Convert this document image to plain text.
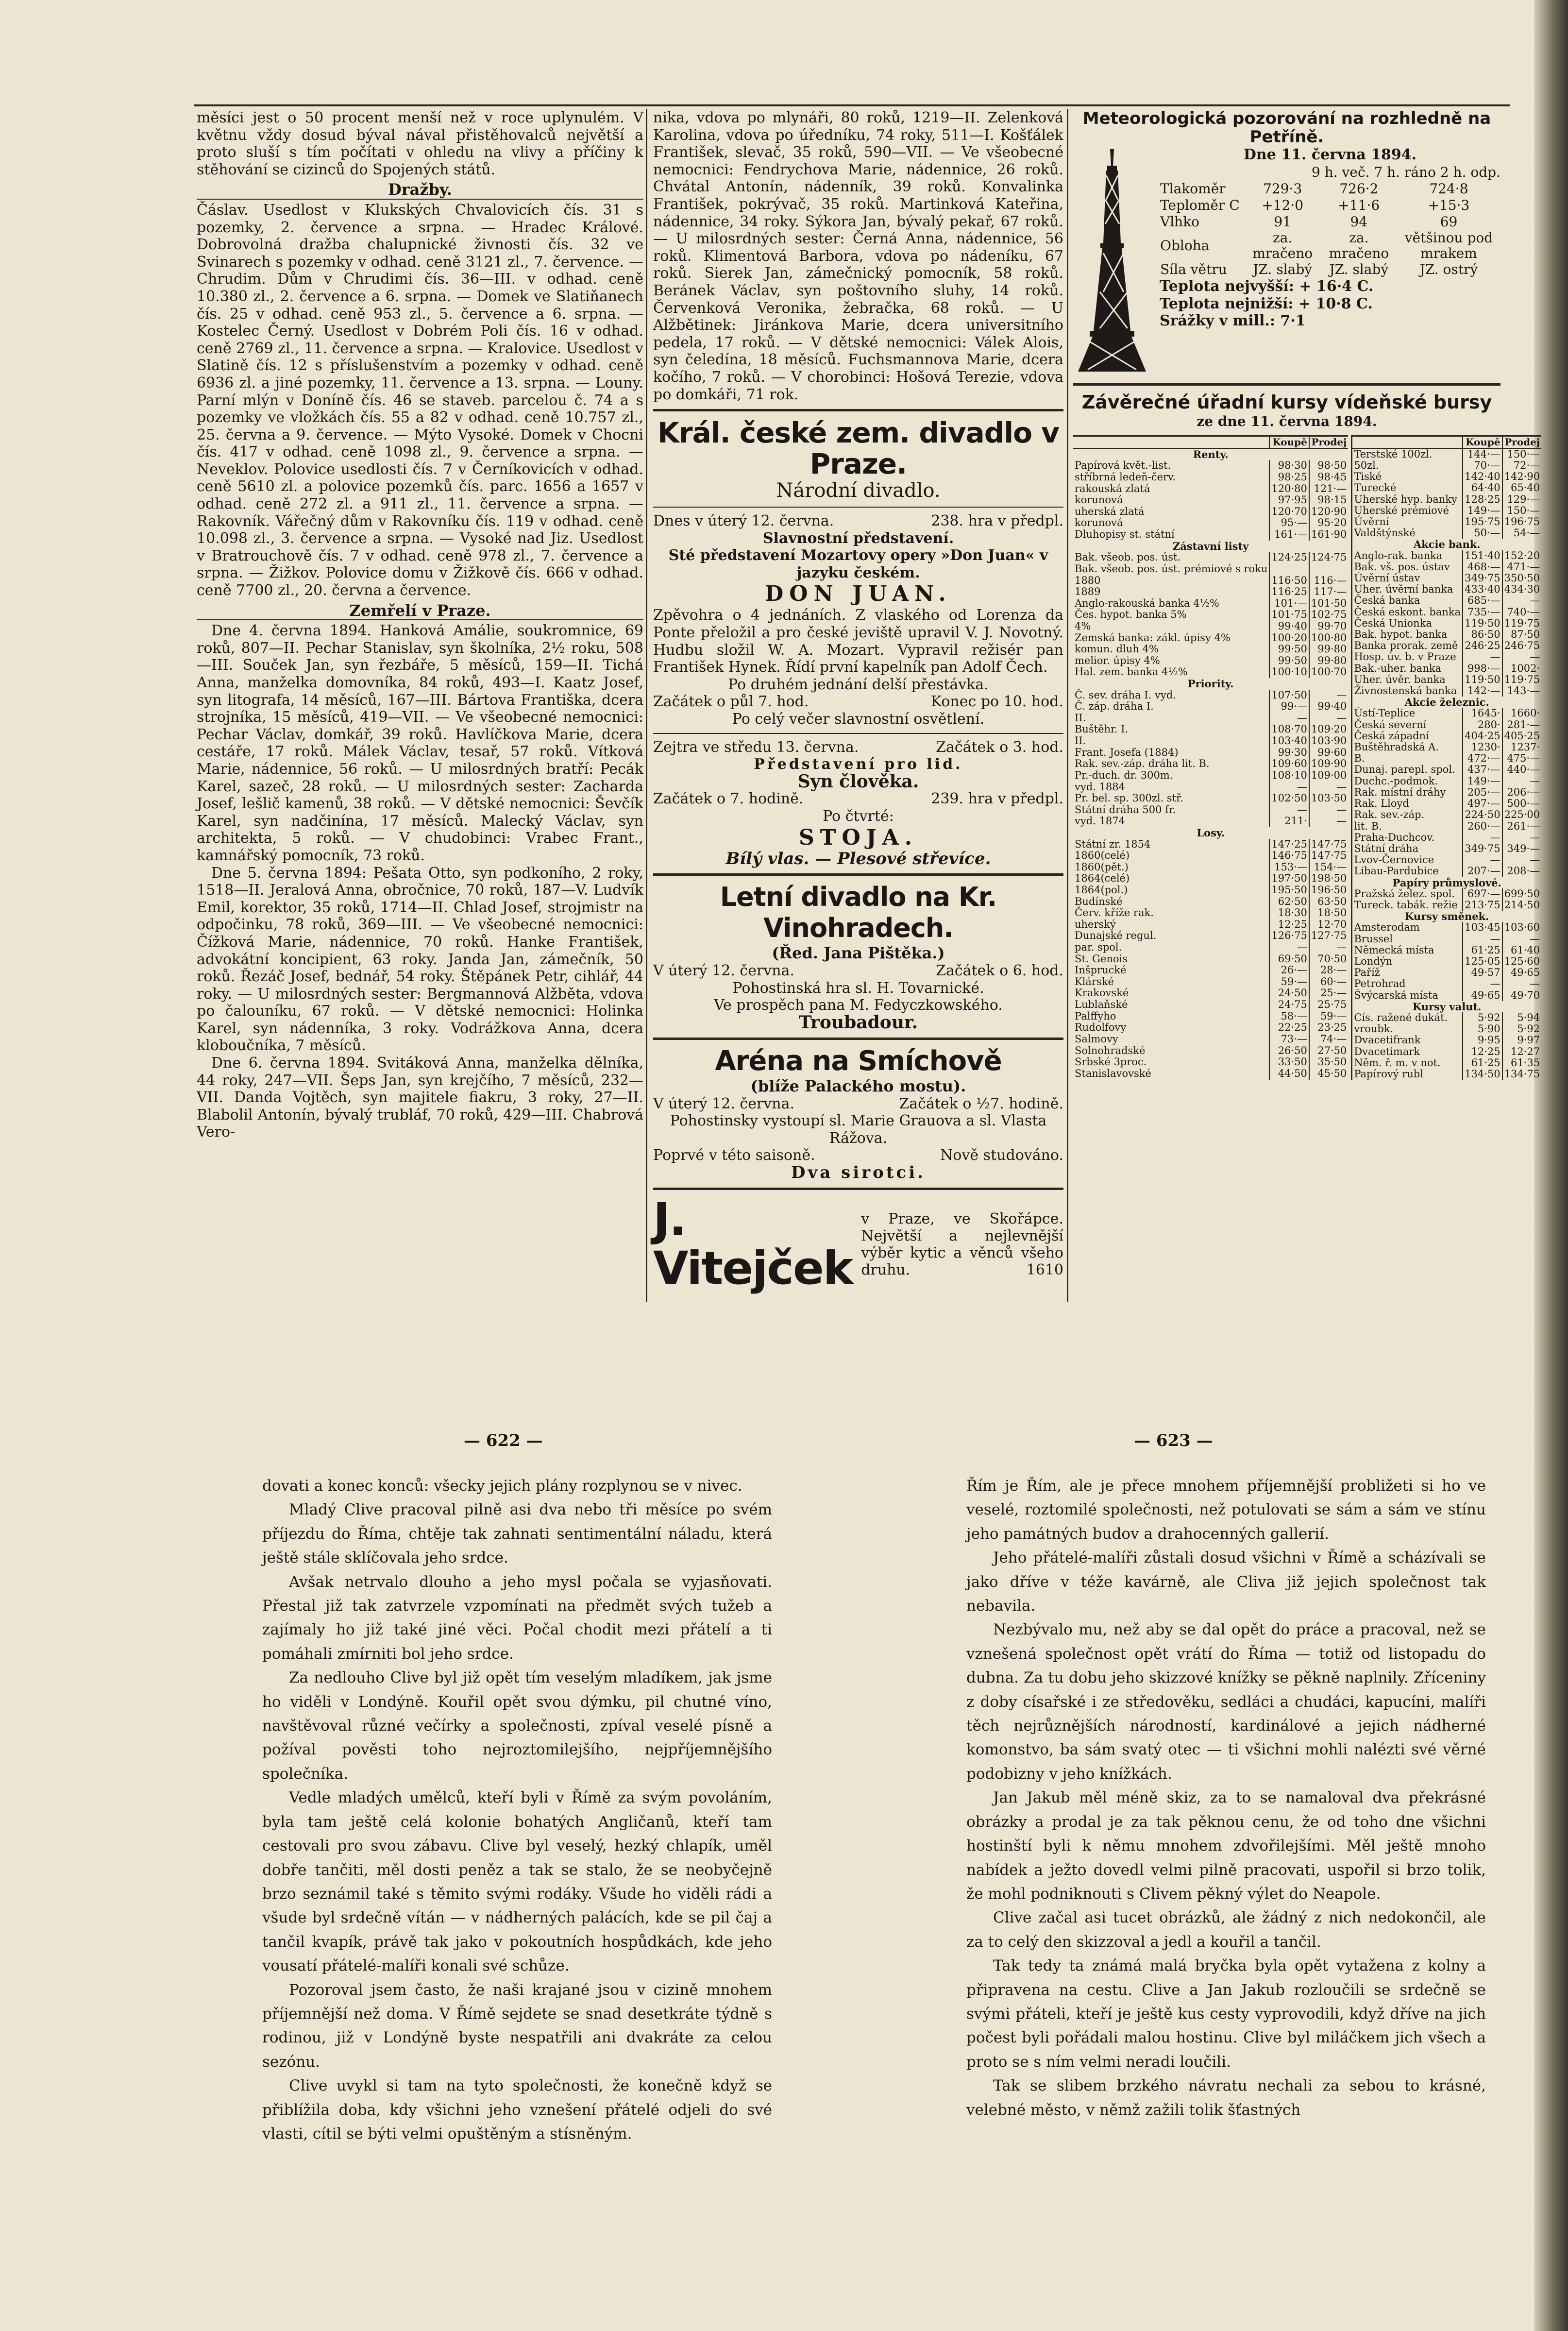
měsíci jest o 50 procent menší než v roce uplynulém. V květnu vždy dosud býval nával přistěhovalců největší a proto sluší s tím počítati v ohledu na vlivy a příčiny k stěhování se cizinců do Spojených států.

Dražby.

Čáslav. Usedlost v Klukských Chvalovicích čís. 31 s pozemky, 2. července a srpna. — Hradec Králové. Dobrovolná dražba chalupnické živnosti čís. 32 ve Svinarech s pozemky v odhad. ceně 3121 zl., 7. července. — Chrudim. Dům v Chrudimi čís. 36—III. v odhad. ceně 10.380 zl., 2. července a 6. srpna. — Domek ve Slatiňanech čís. 25 v odhad. ceně 953 zl., 5. července a 6. srpna. — Kostelec Černý. Usedlost v Dobrém Poli čís. 16 v odhad. ceně 2769 zl., 11. července a srpna. — Kralovice. Usedlost v Slatině čís. 12 s příslušenstvím a pozemky v odhad. ceně 6936 zl. a jiné pozemky, 11. července a 13. srpna. — Louny. Parní mlýn v Donínĕ čís. 46 se staveb. parcelou č. 74 a s pozemky ve vložkách čís. 55 a 82 v odhad. ceně 10.757 zl., 25. června a 9. července. — Mýto Vysoké. Domek v Chocni čís. 417 v odhad. ceně 1098 zl., 9. července a srpna. — Neveklov. Polovice usedlosti čís. 7 v Černíkovicích v odhad. ceně 5610 zl. a polovice pozemků čís. parc. 1656 a 1657 v odhad. ceně 272 zl. a 911 zl., 11. července a srpna. — Rakovník. Vářečný dům v Rakovníku čís. 119 v odhad. ceně 10.098 zl., 3. července a srpna. — Vysoké nad Jiz. Usedlost v Bratrouchově čís. 7 v odhad. ceně 978 zl., 7. července a srpna. — Žižkov. Polovice domu v Žižkově čís. 666 v odhad. ceně 7700 zl., 20. června a července.

Zemřelí v Praze.

Dne 4. června 1894. Hanková Amálie, soukromnice, 69 roků, 807—II. Pechar Stanislav, syn školníka, 2½ roku, 508—III. Souček Jan, syn řezbáře, 5 měsíců, 159—II. Tichá Anna, manželka domovníka, 84 roků, 493—I. Kaatz Josef, syn litografa, 14 měsíců, 167—III. Bártova Františka, dcera strojníka, 15 měsíců, 419—VII. — Ve všeobecné nemocnici: Pechar Václav, domkář, 39 roků. Havlíčkova Marie, dcera cestáře, 17 roků. Málek Václav, tesař, 57 roků. Vítková Marie, nádennice, 56 roků. — U milosrdných bratří: Pecák Karel, sazeč, 28 roků. — U milosrdných sester: Zachardа Josef, lešlič kamenů, 38 roků. — V dětské nemocnici: Ševčík Karel, syn nadčinína, 17 měsíců. Malecký Václav, syn architekta, 5 roků. — V chudobinci: Vrabec Frant., kamnářský pomocník, 73 roků.

Dne 5. června 1894: Pešata Otto, syn podkoního, 2 roky, 1518—II. Jeralová Anna, obročnice, 70 roků, 187—V. Ludvík Emil, korektor, 35 roků, 1714—II. Chlad Josef, strojmistr na odpočinku, 78 roků, 369—III. — Ve všeobecné nemocnici: Čížková Marie, nádennice, 70 roků. Hanke František, advokátní koncipient, 63 roky. Janda Jan, zámečník, 50 roků. Řezáč Josef, bednář, 54 roky. Štěpánek Petr, cihlář, 44 roky. — U milosrdných sester: Bergmannová Alžběta, vdova po čalouníku, 67 roků. — V dětské nemocnici: Holinka Karel, syn nádenníka, 3 roky. Vodrážkova Anna, dcera kloboučníka, 7 měsíců.

Dne 6. června 1894. Svitáková Anna, manželka dělníka, 44 roky, 247—VII. Šeps Jan, syn krejčího, 7 měsíců, 232—VII. Danda Vojtěch, syn majitele fiakru, 3 roky, 27—II. Blabolil Antonín, bývalý trubláf, 70 roků, 429—III. Chabrová Vero-

nika, vdova po mlynáři, 80 roků, 1219—II. Zelenková Karolina, vdova po úředníku, 74 roky, 511—I. Košťálek František, slevač, 35 roků, 590—VII. — Ve všeobecné nemocnici: Fendrychova Marie, nádennice, 26 roků. Chvátal Antonín, nádenník, 39 roků. Konvalinka František, pokrývač, 35 roků. Martinková Kateřina, nádennice, 34 roky. Sýkora Jan, bývalý pekař, 67 roků. — U milosrdných sester: Černá Anna, nádennice, 56 roků. Klimentová Barbora, vdova po nádeníku, 67 roků. Sierek Jan, zámečnický pomocník, 58 roků. Beránek Václav, syn poštovního sluhy, 14 roků. Červenková Veronika, žebračka, 68 roků. — U Alžbětinek: Jiránkova Marie, dcera universitního pedela, 17 roků. — V dětské nemocnici: Válek Alois, syn čeledína, 18 měsíců. Fuchsmannova Marie, dcera kočího, 7 roků. — V chorobinci: Hošová Terezie, vdova po domkáři, 71 rok.

Král. české zem. divadlo v Praze.
Národní divadlo.
Dnes v úterý 12. června.	238. hra v předpl.
Slavnostní představení.
Sté představení Mozartovy opery »Don Juan« v jazyku českém.
DON JUAN.

Zpěvohra o 4 jednáních. Z vlaského od Lorenza da Ponte přeložil a pro české jeviště upravil V. J. Novotný. Hudbu složil W. A. Mozart. Vypravil režisér pan František Hynek. Řídí první kapelník pan Adolf Čech.

Po druhém jednání delší přestávka.
Začátek o půl 7. hod.	Konec po 10. hod.
Po celý večer slavnostní osvětlení.
Zejtra ve středu 13. června.	Začátek o 3. hod.
Představení pro lid.
Syn člověka.
Začátek o 7. hodině.	239. hra v předpl.
Po čtvrté:
STOJA.
Bílý vlas. — Plesové střevíce.
Letní divadlo na Kr. Vinohradech.
(Řed. Jana Pištěka.)
V úterý 12. června.	Začátek o 6. hod.
Pohostinská hra sl. H. Tovarnické.
Ve prospěch pana M. Fedyczkowského.
Troubadour.
Aréna na Smíchově
(blíže Palackého mostu).
V úterý 12. června.	Začátek o ½7. hodině.
Pohostinsky vystoupí sl. Marie Grauova a sl. Vlasta Rážova.
Poprvé v této saisoně.	Nově studováno.
Dva sirotci.
J. Vitejček
v Praze, ve Skořápce. Největší a nejlevnější výběr kytic a věnců všeho druhu.	1610
Meteorologická pozorování na rozhledně na Petříně.
Dne 11. června 1894.
9 h. več. 7 h. ráno 2 h. odp.
Tlakoměr	729·3	726·2	724·8
Teploměr C	+12·0	+11·6	+15·3
Vlhko	91	94	69
Obloha	za. mračeno	za. mračeno	většinou pod mrakem
Síla větru	JZ. slabý	JZ. slabý	JZ. ostrý
Teplota nejvyšší: + 16·4 C.
Teplota nejnižší: + 10·8 C.
Srážky v mill.: 7·1
Závěrečné úřadní kursy vídeňské bursy
ze dne 11. června 1894.
	Koupě	Prodej
Renty.		
Papírová květ.-list.	98·30	98·50
stříbrná ledeň-červ.	98·25	98·45
rakouská zlatá	120·80	121·—
korunová	97·95	98·15
uherská zlatá	120·70	120·90
korunová	95·—	95·20
Dluhopisy st. státní	161·—	161·90
Zástavní listy		
Bak. všeob. pos. úst.	124·25	124·75
Bak. všeob. pos. úst. prémiové s roku		
1880	116·50	116·—
1889	116·25	117·—
Anglo-rakouská banka 4½%	101·—	101·50
Čes. hypot. banka 5%	101·75	102·75
4%	99·40	99·70
Zemská banka: zákl. úpisy 4%	100·20	100·80
komun. dluh 4%	99·50	99·80
melior. úpisy 4%	99·50	99·80
Hal. zem. banka 4½%	100·10	100·70
Priority.		
Č. sev. dráha I. vyd.	107·50	—
Č. záp. dráha I.	99·—	99·40
II.	—	—
Buštěhr. I.	108·70	109·20
II.	103·40	103·90
Frant. Josefa (1884)	99·30	99·60
Rak. sev.-záp. dráha lit. B.	109·60	109·90
Pr.-duch. dr. 300m.	108·10	109·00
vyd. 1884	—	—
Pr. bel. sp. 300zl. stř.	102·50	103·50
Státní dráha 500 fr.	—	—
vyd. 1874	211·	—
Losy.		
Státní zr. 1854	147·25	147·75
1860(celé)	146·75	147·75
1860(pět.)	153·—	154·—
1864(celé)	197·50	198·50
1864(pol.)	195·50	196·50
Budínské	62·50	63·50
Červ. kříže rak.	18·30	18·50
uherský	12·25	12·70
Dunajské regul.	126·75	127·75
par. spol.	—	—
St. Genois	69·50	70·50
Inšprucké	26·—	28·—
Klárské	59·—	60·—
Krakovské	24·50	25·—
Lublaňské	24·75	25·75
Palffyho	58·—	59·—
Rudolfovy	22·25	23·25
Salmovy	73·—	74·—
Solnohradské	26·50	27·50
Srbské 3proc.	33·50	35·50
Stanislavovské	44·50	45·50
	Koupě	Prodej
Terstské 100zl.	144·—	150·—
50zl.	70·—	72·—
Tiské	142·40	142·90
Turecké	64·40	65·40
Uherské hyp. banky	128·25	129·—
Uherské prémiové	149·—	150·—
Úvěrní	195·75	196·75
Valdštýnské	50·—	54·—
Akcie bank.		
Anglo-rak. banka	151·40	152·20
Bak. vš. pos. ústav	468·—	471·—
Úvěrní ústav	349·75	350·50
Uher. úvěrní banka	433·40	434·30
Česká banka	685·—	—
Česká eskont. banka	735·—	740·—
Česká Unionka	119·50	119·75
Bak. hypot. banka	86·50	87·50
Banka prorak. země	246·25	246·75
Hosp. úv. b. v Praze	—	—
Bak.-uher. banka	998·—	1002·
Uher. úvěr. banka	119·50	119·75
Živnostenská banka	142·—	143·—
Akcie železnic.		
Ústí-Teplice	1645·	1660·
Česká severní	280·	281·—
Česká západní	404·25	405·25
Buštěhradská A.	1230·	1237·
B.	472·—	475·—
Dunaj. parepl. spol.	437·—	440·—
Duchc.-podmok.	149·—	—
Rak. místní dráhy	205·—	206·—
Rak. Lloyd	497·—	500·—
Rak. sev.-záp.	224·50	225·00
lit. B.	260·—	261·—
Praha-Duchcov.	—	—
Státní dráha	349·75	349·—
Lvov-Černovice	—	—
Libau-Pardubice	207·—	208·—
Papíry průmyslové.		
Pražská želez. spol.	697·—	699·50
Tureck. tabák. režie	213·75	214·50
Kursy směnek.		
Amsterodam	103·45	103·60
Brussel	—	—
Německá místa	61·25	61·40
Londýn	125·05	125·60
Paříž	49·57	49·65
Petrohrad	—	—
Švýcarská místa	49·65	49·70
Kursy valut.		
Cís. ražené dukát.	5·92	5·94
vroubk.	5·90	5·92
Dvacetifrank	9·95	9·97
Dvacetimark	12·25	12·27
Něm. ř. m. v not.	61·25	61·35
Papírový rubl	134·50	134·75
— 622 —	— 623 —

dovati a konec konců: všecky jejich plány rozplynou se v nivec.

Mladý Clive pracoval pilně asi dva nebo tři měsíce po svém příjezdu do Říma, chtěje tak zahnati sentimentální náladu, která ještě stále sklíčovala jeho srdce.

Avšak netrvalo dlouho a jeho mysl počala se vyjasňovati. Přestal již tak zatvrzele vzpomínati na předmět svých tužeb a zajímaly ho již také jiné věci. Počal chodit mezi přátelí a ti pomáhali zmírniti bol jeho srdce.

Za nedlouho Clive byl již opět tím veselým mladíkem, jak jsme ho viděli v Londýně. Kouřil opět svou dýmku, pil chutné víno, navštěvoval různé večírky a společnosti, zpíval veselé písně a požíval pověsti toho nejroztomilejšího, nejpříjemnějšího společníka.

Vedle mladých umělců, kteří byli v Římě za svým povoláním, byla tam ještě celá kolonie bohatých Angličanů, kteří tam cestovali pro svou zábavu. Clive byl veselý, hezký chlapík, uměl dobře tančiti, měl dosti peněz a tak se stalo, že se neobyčejně brzo seznámil také s těmito svými rodáky. Všude ho viděli rádi a všude byl srdečně vítán — v nádherných palácích, kde se pil čaj a tančil kvapík, právě tak jako v pokoutních hospůdkách, kde jeho vousatí přátelé-malíři konali své schůze.

Pozoroval jsem často, že naši krajané jsou v cizině mnohem příjemnější než doma. V Římě sejdete se snad desetkráte týdně s rodinou, již v Londýně byste nespatřili ani dvakráte za celou sezónu.

Clive uvykl si tam na tyto společnosti, že konečně když se přiblížila doba, kdy všichni jeho vznešení přátelé odjeli do své vlasti, cítil se býti velmi opuštěným a stísněným.

Řím je Řím, ale je přece mnohem příjemnější probližeti si ho ve veselé, roztomilé společnosti, než potulovati se sám a sám ve stínu jeho památných budov a drahocenných gallerií.

Jeho přátelé-malíři zůstali dosud všichni v Římě a scházívali se jako dříve v téže kavárně, ale Cliva již jejich společnost tak nebavila.

Nezbývalo mu, než aby se dal opět do práce a pracoval, než se vznešená společnost opět vrátí do Říma — totiž od listopadu do dubna. Za tu dobu jeho skizzové knížky se pěkně naplnily. Zříceniny z doby císařské i ze středověku, sedláci a chudáci, kapucíni, malíři těch nejrůznějších národností, kardinálové a jejich nádherné komonstvo, ba sám svatý otec — ti všichni mohli nalézti své věrné podobizny v jeho knížkách.

Jan Jakub měl méně skiz, za to se namaloval dva překrásné obrázky a prodal je za tak pěknou cenu, že od toho dne všichni hostinští byli k němu mnohem zdvořilejšími. Měl ještě mnoho nabídek a ježto dovedl velmi pilně pracovati, uspořil si brzo tolik, že mohl podniknouti s Clivem pěkný výlet do Neapole.

Clive začal asi tucet obrázků, ale žádný z nich nedokončil, ale za to celý den skizzoval a jedl a kouřil a tančil.

Tak tedy ta známá malá bryčka byla opět vytažena z kolny a připravena na cestu. Clive a Jan Jakub rozloučili se srdečně se svými přáteli, kteří je ještě kus cesty vyprovodili, když dříve na jich počest byli pořádali malou hostinu. Clive byl miláčkem jich všech a proto se s ním velmi neradi loučili.

Tak se slibem brzkého návratu nechali za sebou to krásné, velebné město, v němž zažili tolik šťastných
